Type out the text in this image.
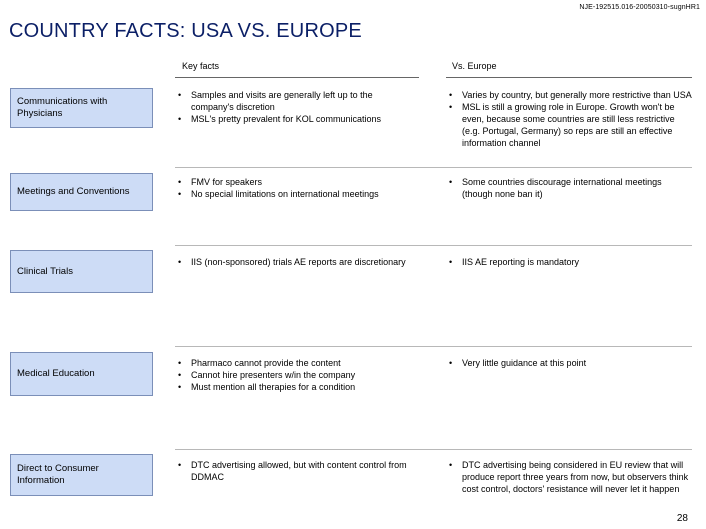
NJE-192515.016-20050310-sugnHR1
COUNTRY FACTS: USA VS. EUROPE
Key facts	Vs. Europe
Communications with Physicians
• Samples and visits are generally left up to the company's discretion
• MSL's pretty prevalent for KOL communications
• Varies by country, but generally more restrictive than USA
• MSL is still a growing role in Europe. Growth won't be even, because some countries are still less restrictive (e.g. Portugal, Germany) so reps are still an effective information channel
Meetings and Conventions
• FMV for speakers
• No special limitations on international meetings
• Some countries discourage international meetings (though none ban it)
Clinical Trials
• IIS (non-sponsored) trials AE reports are discretionary
•	IIS AE reporting is mandatory
Medical Education
• Pharmaco cannot provide the content
• Cannot hire presenters w/in the company
• Must mention all therapies for a condition
• Very little guidance at this point
Direct to Consumer Information
• DTC advertising allowed, but with content control from DDMAC
• DTC advertising being considered in EU review that will produce report three years from now, but observers think cost control, doctors' resistance will never let it happen
28
